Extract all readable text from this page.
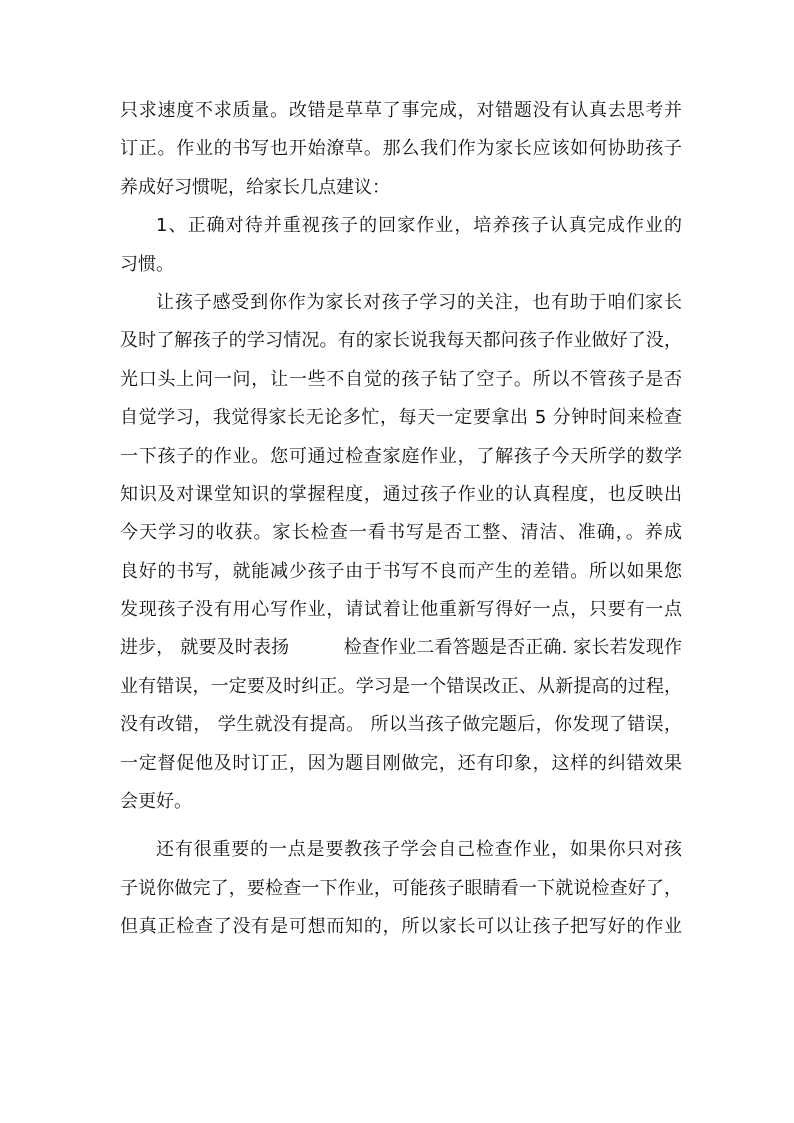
只求速度不求质量。改错是草草了事完成，对错题没有认真去思考并
订正。作业的书写也开始潦草。那么我们作为家长应该如何协助孩子
养成好习惯呢，给家长几点建议：
1、正确对待并重视孩子的回家作业，培养孩子认真完成作业的
习惯。
让孩子感受到你作为家长对孩子学习的关注，也有助于咱们家长
及时了解孩子的学习情况。有的家长说我每天都问孩子作业做好了没，
光口头上问一问，让一些不自觉的孩子钻了空子。所以不管孩子是否
自觉学习，我觉得家长无论多忙，每天一定要拿出 5 分钟时间来检查
一下孩子的作业。您可通过检查家庭作业，了解孩子今天所学的数学
知识及对课堂知识的掌握程度，通过孩子作业的认真程度，也反映出
今天学习的收获。家长检查一看书写是否工整、清洁、准确，。养成
良好的书写，就能减少孩子由于书写不良而产生的差错。所以如果您
发现孩子没有用心写作业，请试着让他重新写得好一点，只要有一点
进步， 就要及时表扬　　　检查作业二看答题是否正确. 家长若发现作
业有错误，一定要及时纠正。学习是一个错误改正、从新提高的过程，
没有改错， 学生就没有提高。 所以当孩子做完题后，你发现了错误，
一定督促他及时订正，因为题目刚做完，还有印象，这样的纠错效果
会更好。
还有很重要的一点是要教孩子学会自己检查作业，如果你只对孩
子说你做完了，要检查一下作业，可能孩子眼睛看一下就说检查好了，
但真正检查了没有是可想而知的，所以家长可以让孩子把写好的作业
